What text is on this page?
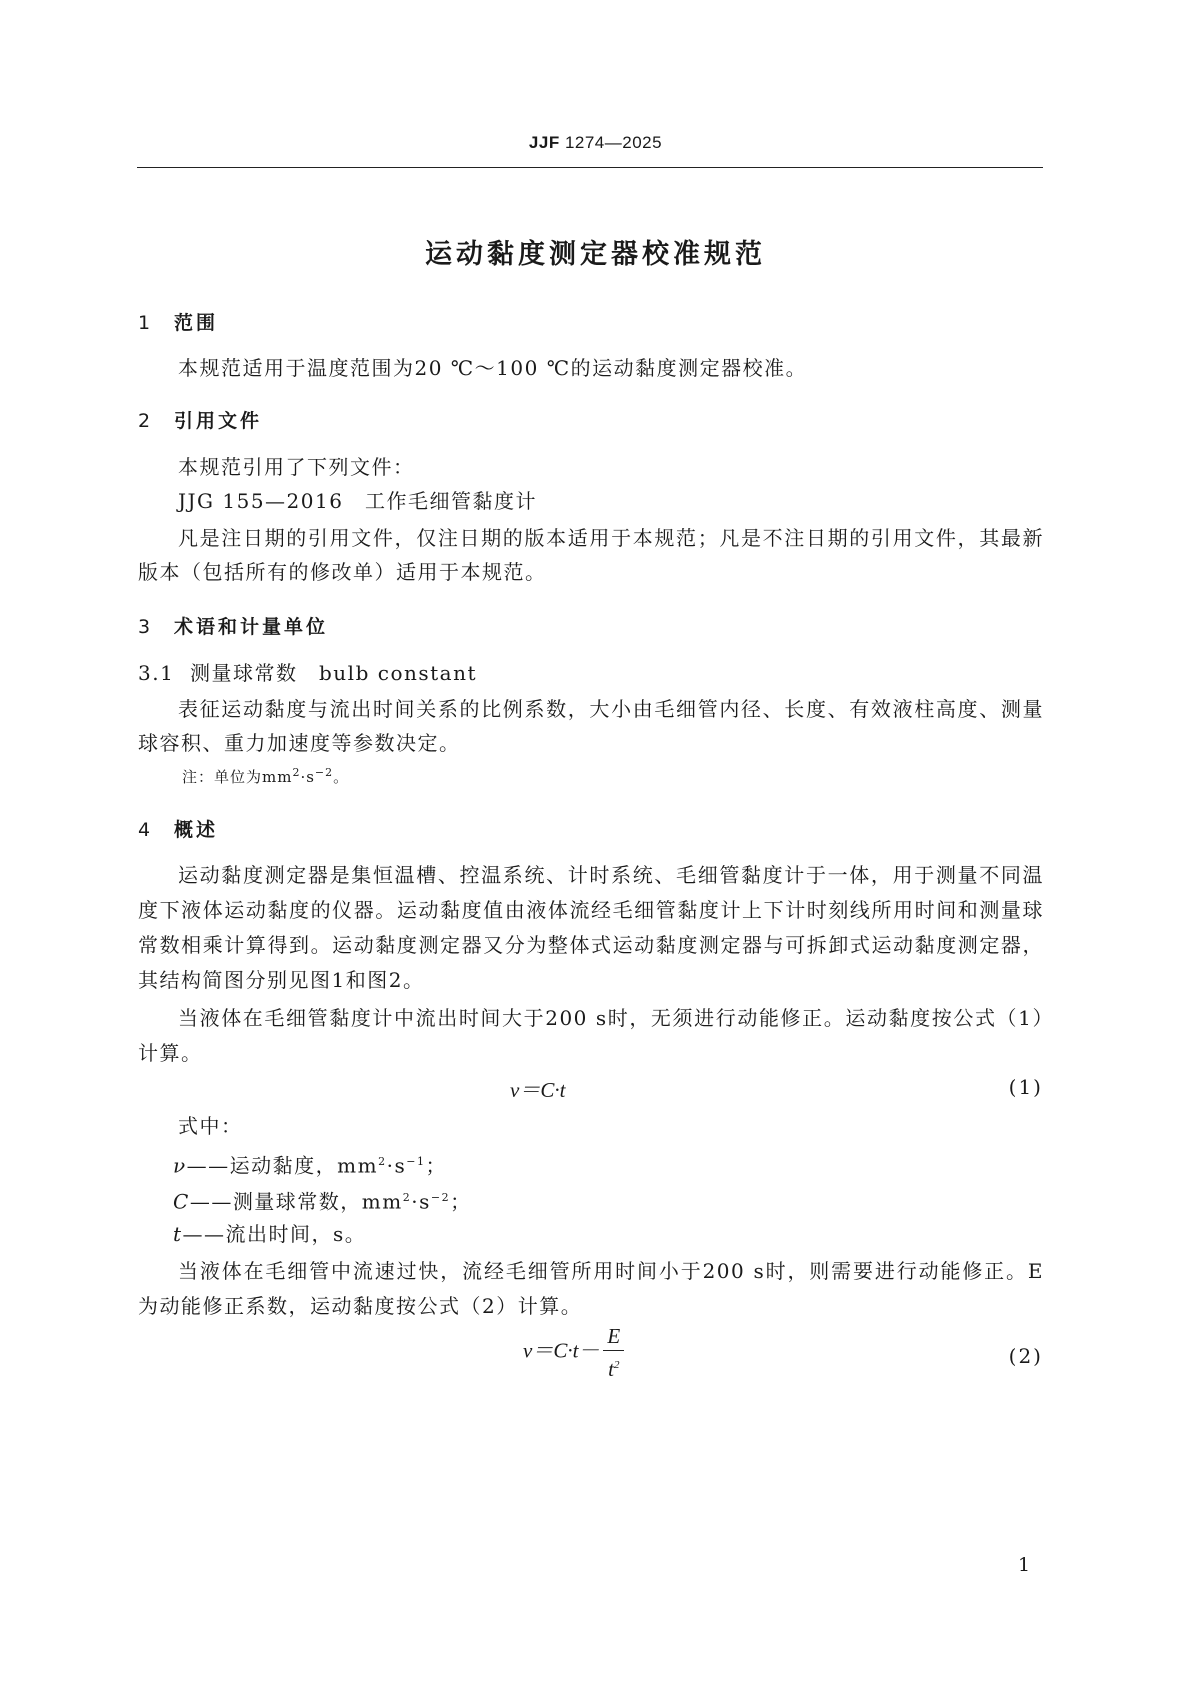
JJF 1274—2025
运动黏度测定器校准规范
1 范围
本规范适用于温度范围为20 ℃～100 ℃的运动黏度测定器校准。
2 引用文件
本规范引用了下列文件：
JJG 155—2016　工作毛细管黏度计
凡是注日期的引用文件，仅注日期的版本适用于本规范；凡是不注日期的引用文件，其最新版本（包括所有的修改单）适用于本规范。
3 术语和计量单位
3.1 测量球常数　bulb constant
表征运动黏度与流出时间关系的比例系数，大小由毛细管内径、长度、有效液柱高度、测量球容积、重力加速度等参数决定。
注：单位为$mm^2\cdot s^{-2}$。
4 概述
运动黏度测定器是集恒温槽、控温系统、计时系统、毛细管黏度计于一体，用于测量不同温度下液体运动黏度的仪器。运动黏度值由液体流经毛细管黏度计上下计时刻线所用时间和测量球常数相乘计算得到。运动黏度测定器又分为整体式运动黏度测定器与可拆卸式运动黏度测定器，其结构简图分别见图1和图2。
当液体在毛细管黏度计中流出时间大于200 s时，无须进行动能修正。运动黏度按公式（1）计算。
ν＝C·t	(1)
式中：
ν——运动黏度，$mm^2\cdot s^{-1}$；
C——测量球常数，$mm^2\cdot s^{-2}$；
t——流出时间，s。
当液体在毛细管中流速过快，流经毛细管所用时间小于200 s时，则需要进行动能修正。E为动能修正系数，运动黏度按公式（2）计算。
$\nu=C\cdot t- \frac{E}{t^2}$	(2)
1
